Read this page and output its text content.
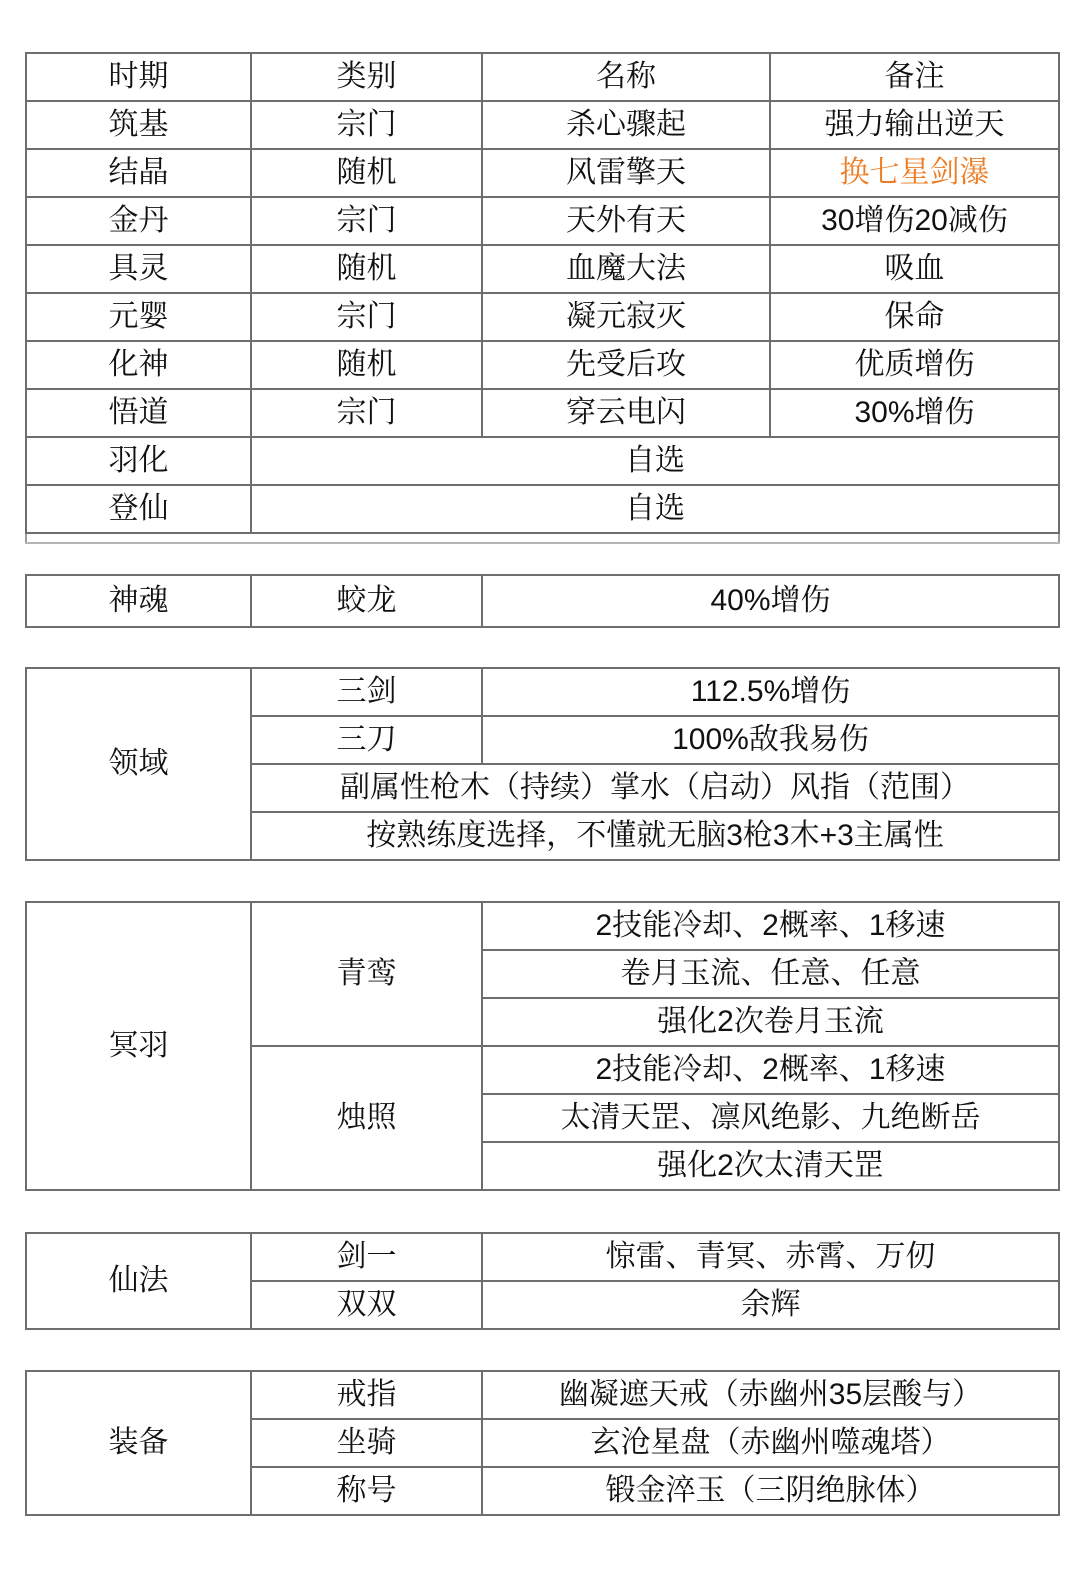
时期	类别	名称	备注
筑基	宗门	杀心骤起	强力输出逆天
结晶	随机	风雷擎天	换七星剑瀑
金丹	宗门	天外有天	30增伤20减伤
具灵	随机	血魔大法	吸血
元婴	宗门	凝元寂灭	保命
化神	随机	先受后攻	优质增伤
悟道	宗门	穿云电闪	30%增伤
羽化	自选		
登仙	自选		

神魂	蛟龙	40%增伤
领域	三剑	112.5%增伤
	三刀	100%敌我易伤
	副属性枪木（持续）掌水（启动）风指（范围）	
	按熟练度选择，不懂就无脑3枪3木+3主属性	
冥羽	青鸾	2技能冷却、2概率、1移速
		卷月玉流、任意、任意
		强化2次卷月玉流
	烛照	2技能冷却、2概率、1移速
		太清天罡、凛风绝影、九绝断岳
		强化2次太清天罡
仙法	剑一	惊雷、青冥、赤霄、万仞
	双双	余辉
装备	戒指	幽凝遮天戒（赤幽州35层酸与）
	坐骑	玄沧星盘（赤幽州噬魂塔）
	称号	锻金淬玉（三阴绝脉体）
